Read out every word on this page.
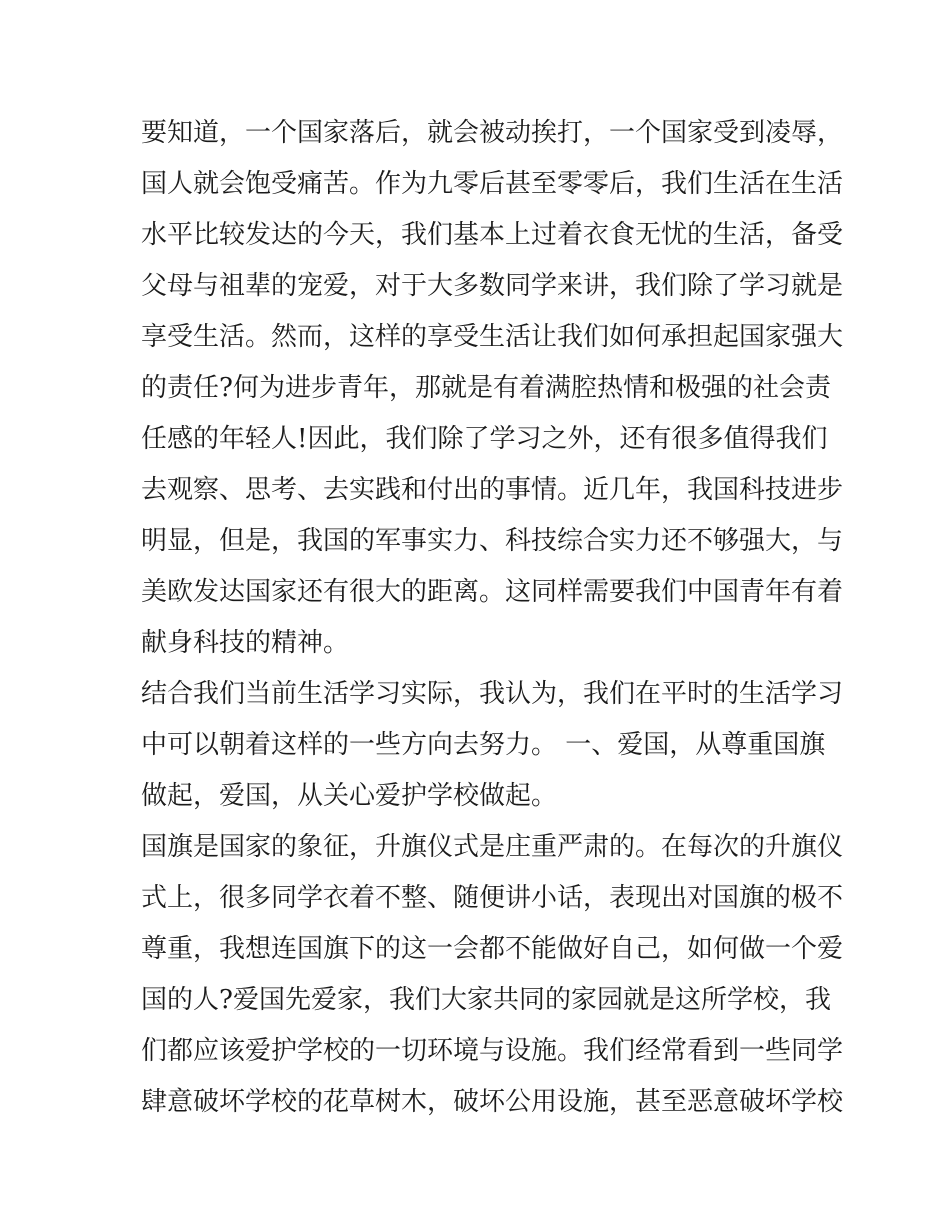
要知道，一个国家落后，就会被动挨打，一个国家受到凌辱，
国人就会饱受痛苦。作为九零后甚至零零后，我们生活在生活
水平比较发达的今天，我们基本上过着衣食无忧的生活，备受
父母与祖辈的宠爱，对于大多数同学来讲，我们除了学习就是
享受生活。然而，这样的享受生活让我们如何承担起国家强大
的责任?何为进步青年，那就是有着满腔热情和极强的社会责
任感的年轻人!因此，我们除了学习之外，还有很多值得我们
去观察、思考、去实践和付出的事情。近几年，我国科技进步
明显，但是，我国的军事实力、科技综合实力还不够强大，与
美欧发达国家还有很大的距离。这同样需要我们中国青年有着
献身科技的精神。
结合我们当前生活学习实际，我认为，我们在平时的生活学习
中可以朝着这样的一些方向去努力。 一、爱国，从尊重国旗
做起，爱国，从关心爱护学校做起。
国旗是国家的象征，升旗仪式是庄重严肃的。在每次的升旗仪
式上，很多同学衣着不整、随便讲小话，表现出对国旗的极不
尊重，我想连国旗下的这一会都不能做好自己，如何做一个爱
国的人?爱国先爱家，我们大家共同的家园就是这所学校，我
们都应该爱护学校的一切环境与设施。我们经常看到一些同学
肆意破坏学校的花草树木，破坏公用设施，甚至恶意破坏学校
